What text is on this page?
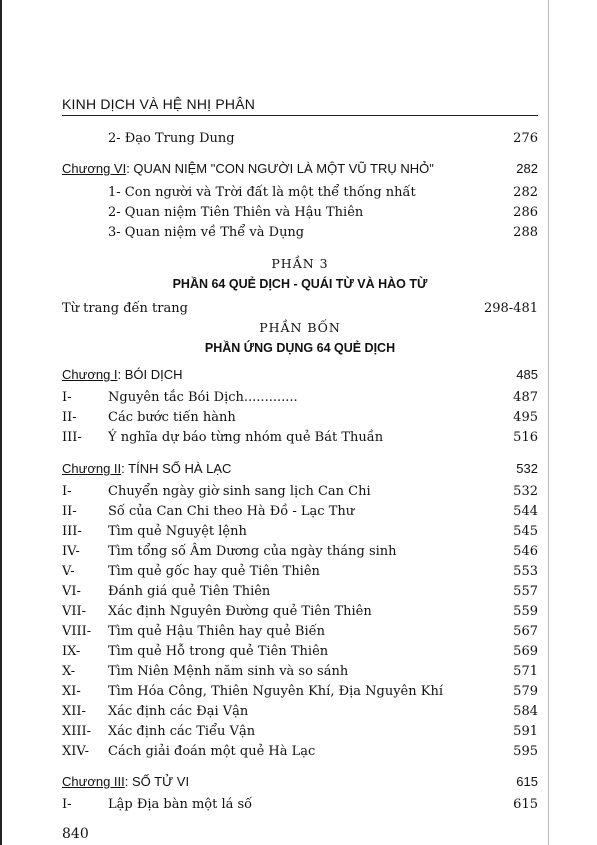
KINH DỊCH VÀ HỆ NHỊ PHÂN
2- Đạo Trung Dung	276
Chương VI: QUAN NIỆM "CON NGƯỜI LÀ MỘT VŨ TRỤ NHỎ"	282
1- Con người và Trời đất là một thể thống nhất	282
2- Quan niệm Tiên Thiên và Hậu Thiên	286
3- Quan niệm về Thể và Dụng	288
PHẦN 3
PHẦN 64 QUẺ DỊCH - QUÁI TỪ VÀ HÀO TỪ
Từ trang đến trang	298-481
PHẦN BỐN
PHẦN ỨNG DỤNG 64 QUẺ DỊCH
Chương I: BÓI DỊCH	485
I-	Nguyên tắc Bói Dịch.............	487
II- Các bước tiến hành	495
III- Ý nghĩa dự báo từng nhóm quẻ Bát Thuần	516
Chương II: TÍNH SỐ HÀ LẠC	532
I-	Chuyển ngày giờ sinh sang lịch Can Chi	532
II- Số của Can Chi theo Hà Đồ - Lạc Thư	544
III- Tìm quẻ Nguyệt lệnh	545
IV- Tìm tổng số Âm Dương của ngày tháng sinh	546
V-	Tìm quẻ gốc hay quẻ Tiên Thiên	553
VI- Đánh giá quẻ Tiên Thiên	557
VII- Xác định Nguyên Đường quẻ Tiên Thiên	559
VIII- Tìm quẻ Hậu Thiên hay quẻ Biến	567
IX- Tìm quẻ Hỗ trong quẻ Tiên Thiên	569
X-	Tìm Niên Mệnh năm sinh và so sánh	571
XI- Tìm Hóa Công, Thiên Nguyên Khí, Địa Nguyên Khí	579
XII- Xác định các Đại Vận	584
XIII- Xác định các Tiểu Vận	591
XIV- Cách giải đoán một quẻ Hà Lạc	595
Chương III: SỐ TỬ VI	615
I-	Lập Địa bàn một lá số	615
840
